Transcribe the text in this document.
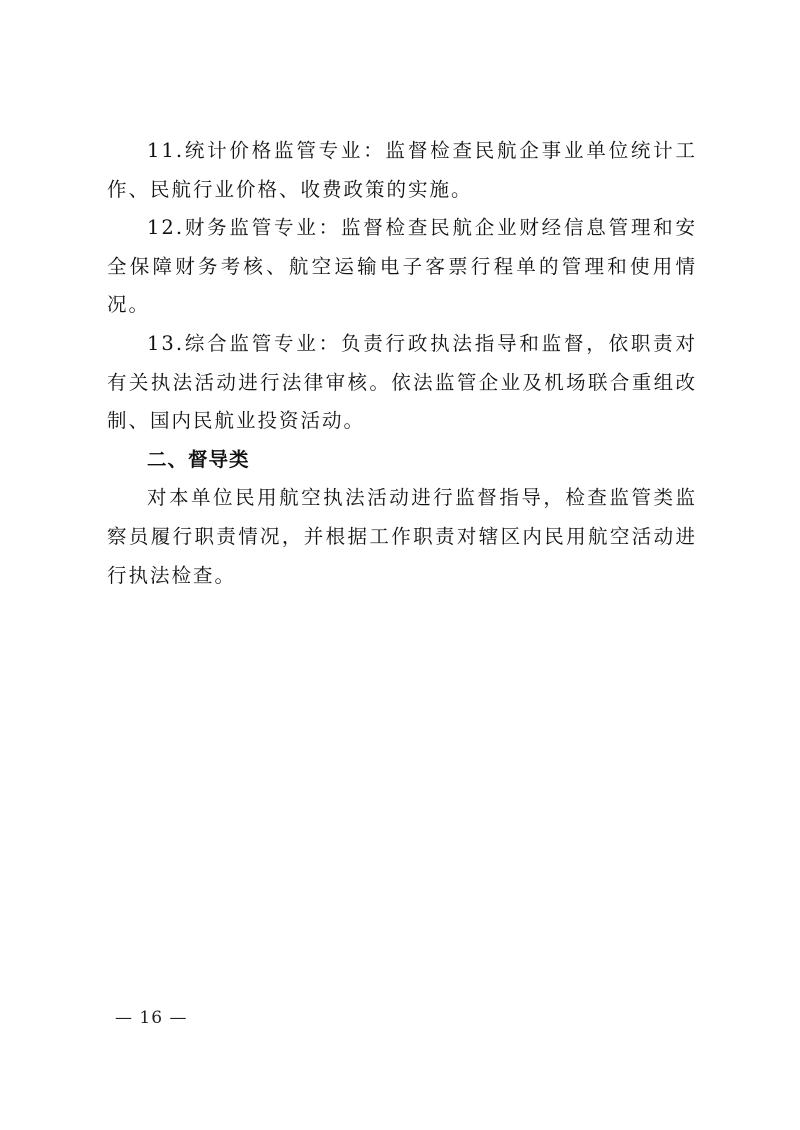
11.统计价格监管专业：监督检查民航企事业单位统计工作、民航行业价格、收费政策的实施。

12.财务监管专业：监督检查民航企业财经信息管理和安全保障财务考核、航空运输电子客票行程单的管理和使用情况。

13.综合监管专业：负责行政执法指导和监督，依职责对有关执法活动进行法律审核。依法监管企业及机场联合重组改制、国内民航业投资活动。

二、督导类

对本单位民用航空执法活动进行监督指导，检查监管类监察员履行职责情况，并根据工作职责对辖区内民用航空活动进行执法检查。

— 16 —
